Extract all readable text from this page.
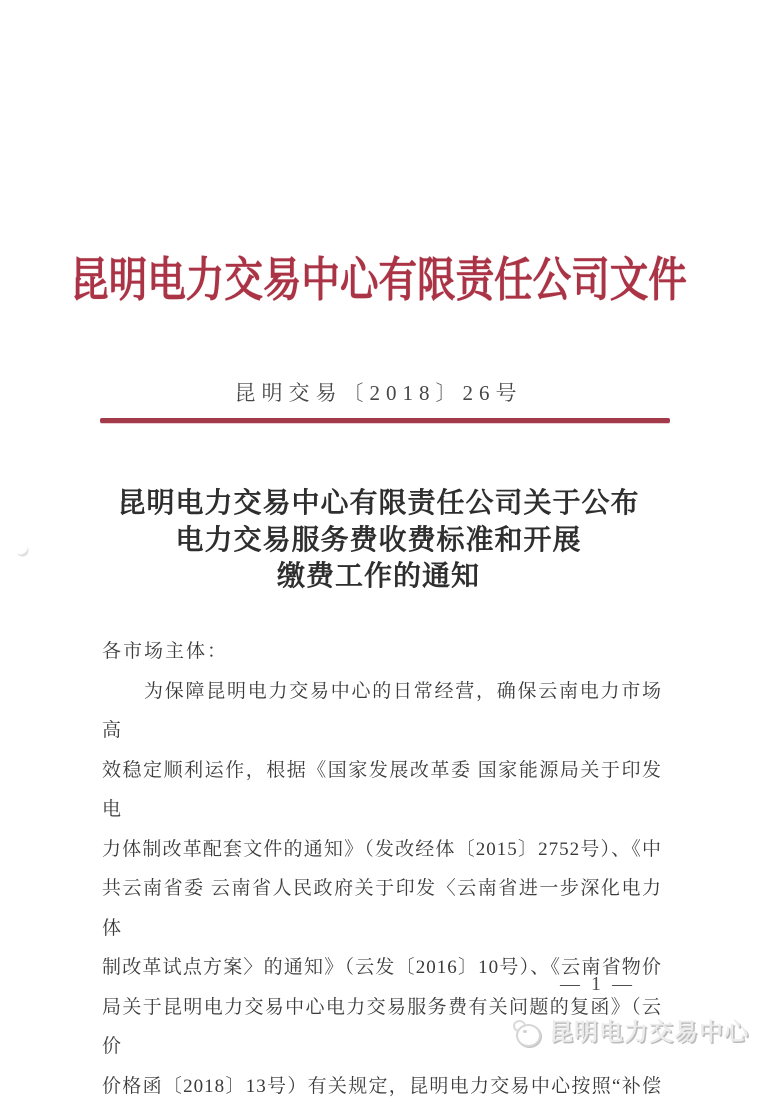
昆明电力交易中心有限责任公司文件
昆明交易〔2018〕26号
昆明电力交易中心有限责任公司关于公布
电力交易服务费收费标准和开展
缴费工作的通知
各市场主体：
为保障昆明电力交易中心的日常经营，确保云南电力市场高
效稳定顺利运作，根据《国家发展改革委 国家能源局关于印发电
力体制改革配套文件的通知》（发改经体〔2015〕2752号）、《中
共云南省委 云南省人民政府关于印发〈云南省进一步深化电力体
制改革试点方案〉的通知》（云发〔2016〕10号）、《云南省物价
局关于昆明电力交易中心电力交易服务费有关问题的复函》（云价
价格函〔2018〕13号）有关规定，昆明电力交易中心按照“补偿
— 1 —
昆明电力交易中心
